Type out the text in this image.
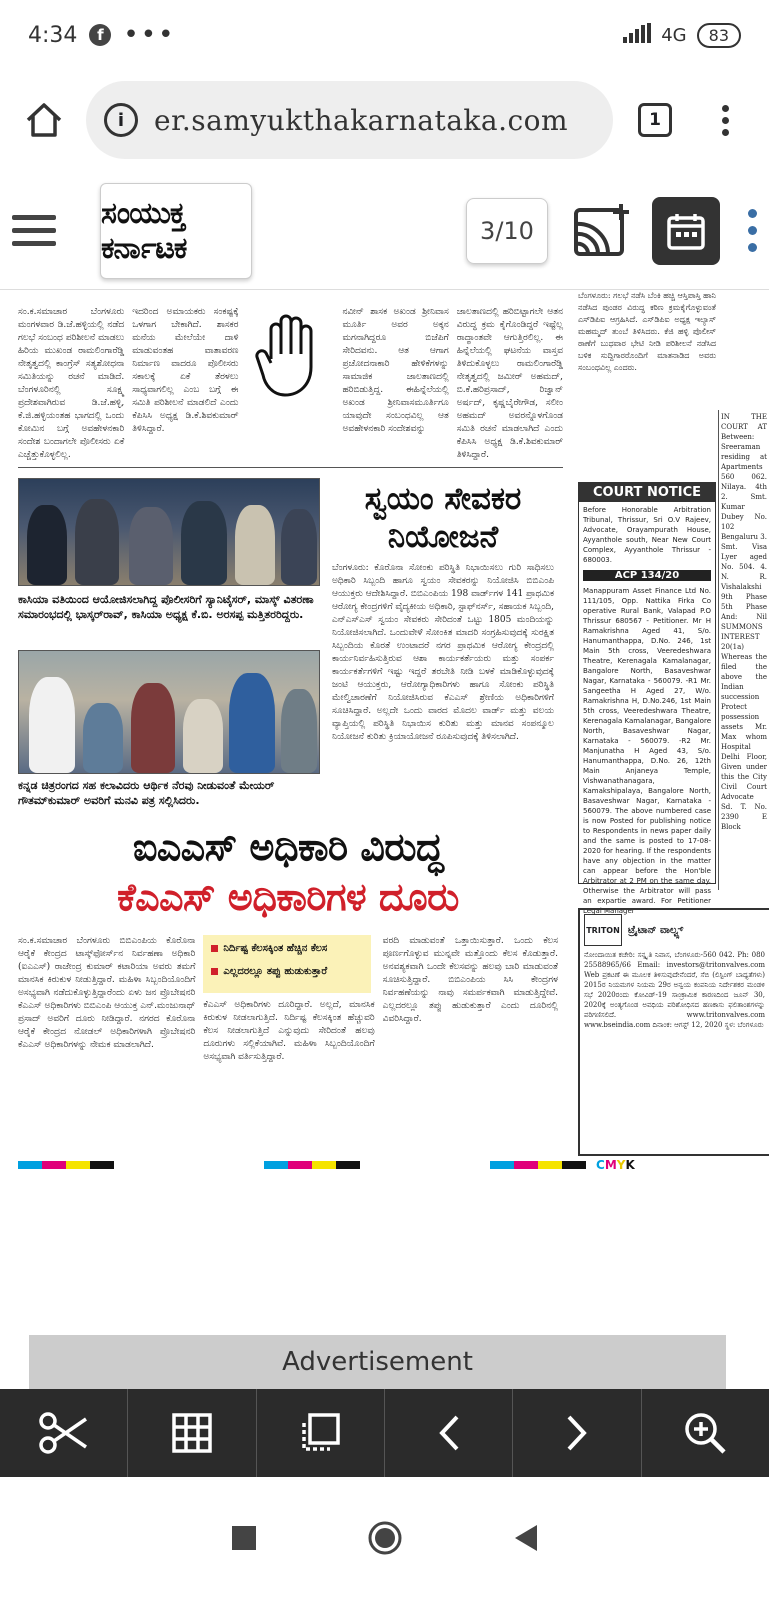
4:34	f •••	4G	83
i	er.samyukthakarnataka.com	1
ಸಂಯುಕ್ತ ಕರ್ನಾಟಕ	3/10
ಸಂ.ಕ.ಸಮಾಚಾರ ಬೆಂಗಳೂರು ಮಂಗಳವಾರ ಡಿ.ಜೆ.ಹಳ್ಳಿಯಲ್ಲಿ ನಡೆದ ಗಲಭೆ ಸಂಬಂಧ ಪರಿಶೀಲನೆ ಮಾಡಲು ಹಿರಿಯ ಮುಖಂಡ ರಾಮಲಿಂಗಾರೆಡ್ಡಿ ನೇತೃತ್ವದಲ್ಲಿ ಕಾಂಗ್ರೆಸ್ ಸತ್ಯಶೋಧನಾ ಸಮಿತಿಯನ್ನು ರಚನೆ ಮಾಡಿದೆ. ಬೆಂಗಳೂರಿನಲ್ಲಿ ಸೂಕ್ಷ್ಮ ಪ್ರದೇಶವಾಗಿರುವ ಡಿ.ಜೆ.ಹಳ್ಳಿ, ಕೆ.ಜಿ.ಹಳ್ಳಿಯಂತಹ ಭಾಗದಲ್ಲಿ ಒಂದು ಕೋಮಿನ ಬಗ್ಗೆ ಅವಹೇಳನಕಾರಿ ಸಂದೇಶ ಬಂದಾಗಲೇ ಪೊಲೀಸರು ಏಕೆ ಎಚ್ಚೆತ್ತುಕೊಳ್ಳಲಿಲ್ಲ.
ಇದರಿಂದ ಅಮಾಯಕರು ಸಂಕಷ್ಟಕ್ಕೆ ಒಳಗಾಗ ಬೇಕಾಗಿದೆ. ಶಾಸಕರ ಮನೆಯ ಮೇಲೆಯೇ ದಾಳಿ ಮಾಡುವಂತಹ ವಾತಾವರಣ ನಿರ್ಮಾಣ ವಾದರೂ ಪೊಲೀಸರು ಸಕಾಲಕ್ಕೆ ಏಕೆ ತೆರಳಲು ಸಾಧ್ಯವಾಗಲಿಲ್ಲ ಎಂಬ ಬಗ್ಗೆ ಈ ಸಮಿತಿ ಪರಿಶೀಲನೆ ಮಾಡಲಿದೆ ಎಂದು ಕೆಪಿಸಿಸಿ ಅಧ್ಯಕ್ಷ ಡಿ.ಕೆ.ಶಿವಕುಮಾರ್ ತಿಳಿಸಿದ್ದಾರೆ.
ನವೀನ್ ಶಾಸಕ ಅಖಂಡ ಶ್ರೀನಿವಾಸ ಮೂರ್ತಿ ಅವರ ಅಕ್ಕನ ಮಗನಾಗಿದ್ದರೂ ಬಿಜೆಪಿಗೆ ಸೇರಿದವನು. ಆತ ಆಗಾಗ ಪ್ರಚೋದನಾಕಾರಿ ಹೇಳಿಕೆಗಳನ್ನು ಸಾಮಾಜಿಕ ಜಾಲತಾಣದಲ್ಲಿ ಹರಿಬಿಡುತ್ತಿದ್ದ. ಈಹಿನ್ನೆಲೆಯಲ್ಲಿ ಅಖಂಡ ಶ್ರೀನಿವಾಸಮೂರ್ತಿಗೂ ಯಾವುದೇ ಸಂಬಂಧವಿಲ್ಲ ಆತ ಅವಹೇಳನಕಾರಿ ಸಂದೇಶವನ್ನು
ಜಾಲತಾಣದಲ್ಲಿ ಹರಿಬಿಟ್ಟಾಗಲೇ ಆತನ ವಿರುದ್ಧ ಕ್ರಮ ಕೈಗೊಂಡಿದ್ದರೆ ಇಷ್ಟೆಲ್ಲ ರಾದ್ಧಾಂತವೇ ಆಗುತ್ತಿರಲಿಲ್ಲ. ಈ ಹಿನ್ನೆಲೆಯಲ್ಲಿ ಘಟನೆಯ ವಾಸ್ತವ ತಿಳಿದುಕೊಳ್ಳಲು ರಾಮಲಿಂಗಾರೆಡ್ಡಿ ನೇತೃತ್ವದಲ್ಲಿ ಜಮೀರ್ ಅಹಮದ್, ಬಿ.ಕೆ.ಹರಿಪ್ರಸಾದ್, ರಿಜ್ವಾನ್ ಅರ್ಷದ್, ಕೃಷ್ಣಬೈರೇಗೌಡ, ಸಲೀಂ ಅಹಮದ್ ಅವರನ್ನೊಳಗೊಂಡ ಸಮಿತಿ ರಚನೆ ಮಾಡಲಾಗಿದೆ ಎಂದು ಕೆಪಿಸಿಸಿ ಅಧ್ಯಕ್ಷ ಡಿ.ಕೆ.ಶಿವಕುಮಾರ್ ತಿಳಿಸಿದ್ದಾರೆ.
ಬೆಂಗಳೂರು: ಗಲಭೆ ನಡೆಸಿ ಬೆಂಕಿ ಹಚ್ಚಿ ಆಸ್ತಿಪಾಸ್ತಿ ಹಾನಿ ನಡೆಸಿದ ಪುಂಡರ ವಿರುದ್ಧ ಕಠಿಣ ಕ್ರಮಕೈಗೊಳ್ಳುವಂತೆ ಎಸ್‌ಡಿಪಿಐ ಆಗ್ರಹಿಸಿದೆ. ಎಸ್‌ಡಿಪಿಐ ಅಧ್ಯಕ್ಷ ಇಲ್ಯಾಸ್ ಮಹಮ್ಮದ್ ತುಂಬೆ ತಿಳಿಸಿದರು. ಕೆಜಿ ಹಳ್ಳಿ ಪೊಲೀಸ್ ಠಾಣೆಗೆ ಬುಧವಾರ ಭೇಟಿ ನೀಡಿ ಪರಿಶೀಲನೆ ನಡೆಸಿದ ಬಳಿಕ ಸುದ್ದಿಗಾರರೊಂದಿಗೆ ಮಾತನಾಡಿದ ಅವರು ಸಂಬಂಧವಿಲ್ಲ ಎಂದರು.
ಕಾಸಿಯಾ ವತಿಯಿಂದ ಆಯೋಜಿಸಲಾಗಿದ್ದ ಪೊಲೀಸರಿಗೆ ಸ್ಯಾನಿಟೈಸರ್, ಮಾಸ್ಕ್ ವಿತರಣಾ ಸಮಾರಂಭದಲ್ಲಿ ಭಾಸ್ಕರ್‌ರಾವ್, ಕಾಸಿಯಾ ಅಧ್ಯಕ್ಷ ಕೆ.ಬಿ. ಅರಸಪ್ಪ ಮತ್ತಿತರರಿದ್ದರು.
ಕನ್ನಡ ಚಿತ್ರರಂಗದ ಸಹ ಕಲಾವಿದರು ಆರ್ಥಿಕ ನೆರವು ನೀಡುವಂತೆ ಮೇಯರ್ ಗೌತಮ್‌ಕುಮಾರ್ ಅವರಿಗೆ ಮನವಿ ಪತ್ರ ಸಲ್ಲಿಸಿದರು.
ಸ್ವಯಂ ಸೇವಕರ
ನಿಯೋಜನೆ
ಬೆಂಗಳೂರು: ಕೊರೊನಾ ಸೋಂಕು ಪರಿಸ್ಥಿತಿ ನಿಭಾಯಿಸಲು ಗುರಿ ಸಾಧಿಸಲು ಅಧಿಕಾರಿ ಸಿಬ್ಬಂದಿ ಹಾಗೂ ಸ್ವಯಂ ಸೇವಕರನ್ನು ನಿಯೋಜಿಸಿ ಬಿಬಿಎಂಪಿ ಆಯುಕ್ತರು ಆದೇಶಿಸಿದ್ದಾರೆ. ಬಿಬಿಎಂಪಿಯ 198 ವಾರ್ಡ್‌ಗಳ 141 ಪ್ರಾಥಮಿಕ ಆರೋಗ್ಯ ಕೇಂದ್ರಗಳಿಗೆ ವೈದ್ಯಕೀಯ ಅಧಿಕಾರಿ, ಸ್ಟಾಫ್‌ನರ್ಸ್, ಸಹಾಯಕ ಸಿಬ್ಬಂದಿ, ಎನ್‌ಎಸ್‌ಎಸ್ ಸ್ವಯಂ ಸೇವಕರು ಸೇರಿದಂತೆ ಒಟ್ಟು 1805 ಮಂದಿಯನ್ನು ನಿಯೋಜಿಸಲಾಗಿದೆ. ಒಂದುವೇಳೆ ಸೋಂಕಿತ ಮಾದರಿ ಸಂಗ್ರಹಿಸುವುದಕ್ಕೆ ಸುರಕ್ಷಿತ ಸಿಬ್ಬಂದಿಯ ಕೊರತೆ ಉಂಟಾದರೆ ನಗರ ಪ್ರಾಥಮಿಕ ಆರೋಗ್ಯ ಕೇಂದ್ರದಲ್ಲಿ ಕಾರ್ಯನಿರ್ವಹಿಸುತ್ತಿರುವ ಆಶಾ ಕಾರ್ಯಕರ್ತೆಯರು ಮತ್ತು ಸಂಪರ್ಕ ಕಾರ್ಯಕರ್ತೆಗಳಿಗೆ ಇಷ್ಟು ಇದ್ದರೆ ತರಬೇತಿ ನೀಡಿ ಬಳಕೆ ಮಾಡಿಕೊಳ್ಳುವುದಕ್ಕೆ ಜಂಟಿ ಆಯುಕ್ತರು, ಆರೋಗ್ಯಾಧಿಕಾರಿಗಳು ಹಾಗೂ ಸೋಂಕು ಪರಿಸ್ಥಿತಿ ಮೇಲ್ವಿಚಾರಣೆಗೆ ನಿಯೋಜಿಸಿರುವ ಕೆಎಎಸ್ ಶ್ರೇಣಿಯ ಅಧಿಕಾರಿಗಳಿಗೆ ಸೂಚಿಸಿದ್ದಾರೆ. ಅಲ್ಲದೇ ಒಂದು ವಾರದ ಮೊದಲ ವಾರ್ಡ್ ಮತ್ತು ವಲಯ ವ್ಯಾಪ್ತಿಯಲ್ಲಿ ಪರಿಸ್ಥಿತಿ ನಿಭಾಯಿಸ ಕುರಿತು ಮತ್ತು ಮಾನವ ಸಂಪನ್ಮೂಲ ನಿಯೋಜನೆ ಕುರಿತು ಕ್ರಿಯಾಯೋಜನೆ ರೂಪಿಸುವುದಕ್ಕೆ ತಿಳಿಸಲಾಗಿದೆ.
ಐಎಎಸ್ ಅಧಿಕಾರಿ ವಿರುದ್ಧ
ಕೆಎಎಸ್ ಅಧಿಕಾರಿಗಳ ದೂರು
ಸಂ.ಕ.ಸಮಾಚಾರ ಬೆಂಗಳೂರು ಬಿಬಿಎಂಪಿಯ ಕೊರೊನಾ ಆರೈಕೆ ಕೇಂದ್ರದ ಟಾಸ್ಕ್‌ಫೋರ್ಸ್‌ನ ನಿರ್ವಹಣಾ ಅಧಿಕಾರಿ (ಐಎಎಸ್) ರಾಜೇಂದ್ರ ಕುಮಾರ್ ಕಟಾರಿಯಾ ಅವರು ತಮಗೆ ಮಾನಸಿಕ ಕಿರುಕುಳ ನೀಡುತ್ತಿದ್ದಾರೆ. ಮಹಿಳಾ ಸಿಬ್ಬಂದಿಯೊಂದಿಗೆ ಅಸಭ್ಯವಾಗಿ ನಡೆದುಕೊಳ್ಳುತ್ತಿದ್ದಾರೆಂದು ಏಳು ಜನ ಪ್ರೊಬೇಷನರಿ ಕೆಎಎಸ್ ಅಧಿಕಾರಿಗಳು ಬಿಬಿಎಂಪಿ ಆಯುಕ್ತ ಎನ್.ಮಂಜುನಾಥ್ ಪ್ರಸಾದ್ ಅವರಿಗೆ ದೂರು ನೀಡಿದ್ದಾರೆ. ನಗರದ ಕೊರೊನಾ ಆರೈಕೆ ಕೇಂದ್ರದ ನೋಡಲ್ ಅಧಿಕಾರಿಗಳಾಗಿ ಪ್ರೊಬೇಷನರಿ ಕೆಎಎಸ್ ಅಧಿಕಾರಿಗಳನ್ನು ನೇಮಕ ಮಾಡಲಾಗಿದೆ.
ನಿರ್ದಿಷ್ಟ ಕೆಲಸಕ್ಕಿಂತ ಹೆಚ್ಚಿನ ಕೆಲಸ
ಎಲ್ಲದರಲ್ಲೂ ತಪ್ಪು ಹುಡುಕುತ್ತಾರೆ
ಕೆಎಎಸ್ ಅಧಿಕಾರಿಗಳು ದೂರಿದ್ದಾರೆ. ಅಲ್ಲದೆ, ಮಾನಸಿಕ ಕಿರುಕುಳ ನೀಡಲಾಗುತ್ತಿದೆ. ನಿರ್ದಿಷ್ಟ ಕೆಲಸಕ್ಕಿಂತ ಹೆಚ್ಚುವರಿ ಕೆಲಸ ನೀಡಲಾಗುತ್ತಿದೆ ಎನ್ನುವುದು ಸೇರಿದಂತೆ ಹಲವು ದೂರುಗಳು ಸಲ್ಲಿಕೆಯಾಗಿವೆ. ಮಹಿಳಾ ಸಿಬ್ಬಂದಿಯೊಂದಿಗೆ ಅಸಭ್ಯವಾಗಿ ವರ್ತಿಸುತ್ತಿದ್ದಾರೆ.
ವರದಿ ಮಾಡುವಂತೆ ಒತ್ತಾಯಿಸುತ್ತಾರೆ. ಒಂದು ಕೆಲಸ ಪೂರ್ಣಗೊಳ್ಳುವ ಮುನ್ನವೇ ಮತ್ತೊಂದು ಕೆಲಸ ಕೊಡುತ್ತಾರೆ. ಅನವಶ್ಯಕವಾಗಿ ಒಂದೇ ಕೆಲಸವನ್ನು ಹಲವು ಬಾರಿ ಮಾಡುವಂತೆ ಸೂಚಿಸುತ್ತಿದ್ದಾರೆ. ಬಿಬಿಎಂಪಿಯ ಸಿಸಿ ಕೇಂದ್ರಗಳ ನಿರ್ವಹಣೆಯನ್ನು ನಾವು ಸಮರ್ಪಕವಾಗಿ ಮಾಡುತ್ತಿದ್ದೇವೆ. ಎಲ್ಲದರಲ್ಲೂ ತಪ್ಪು ಹುಡುಕುತ್ತಾರೆ ಎಂದು ದೂರಿನಲ್ಲಿ ವಿವರಿಸಿದ್ದಾರೆ.
COURT NOTICE
Before Honorable Arbitration Tribunal, Thrissur, Sri O.V Rajeev, Advocate, Orayampurath House, Ayyanthole south, Near New Court Complex, Ayyanthole Thrissur - 680003.
ACP 134/20
Manappuram Asset Finance Ltd No. 111/105, Opp. Nattika Firka Co operative Rural Bank, Valapad P.O Thrissur 680567 - Petitioner. Mr H Ramakrishna Aged 41, S/o. Hanumanthappa, D.No. 246, 1st Main 5th cross, Veeredeshwara Theatre, Kerenagala Kamalanagar, Bangalore North, Basaveshwar Nagar, Karnataka - 560079. -R1 Mr. Sangeetha H Aged 27, W/o. Ramakrishna H, D.No.246, 1st Main 5th cross, Veeredeshwara Theatre, Kerenagala Kamalanagar, Bangalore North, Basaveshwar Nagar, Karnataka - 560079. -R2 Mr. Manjunatha H Aged 43, S/o. Hanumanthappa, D.No. 26, 12th Main Anjaneya Temple, Vishwanathanagara, Kamakshipalaya, Bangalore North, Basaveshwar Nagar, Karnataka - 560079. The above numbered case is now Posted for publishing notice to Respondents in news paper daily and the same is posted to 17-08-2020 for hearing. If the respondents have any objection in the matter can appear before the Hon'ble Arbitrator at 2 PM on the same day. Otherwise the Arbitrator will pass an expartie award. For Petitioner Legal Manager
IN THE COURT AT Between: Sreeraman residing at Apartments 560 062. Nilaya. 4th 2. Smt. Kumar Dubey No. 102 Bengaluru 3. Smt. Visa Lyer aged No. 504. 4. N. R. Vishalakshi 9th Phase 5th Phase And: Nil SUMMONS INTEREST 20(1a) Whereas the filed the above the Indian succession Protect possession assets Mr. Max whom Hospital Delhi Floor, Given under this the City Civil Court Advocate Sd. T. No. 2390 E Block
TRITON ಟ್ರೈಟಾನ್ ವಾಲ್ವ್ಸ್
ನೋಂದಾಯಿತ ಕಚೇರಿ: ಸನ್ಸ್ಕೃತಿ ನಿವಾಸ, ಬೆಂಗಳೂರು-560 042. Ph: 080 25588965/66 Email: investors@tritonvalves.com Web ಪ್ರಕಟಣೆ ಈ ಮೂಲಕ ತಿಳಿಸುವುದೇನೆಂದರೆ, ಸೆಬಿ (ಲಿಸ್ಟಿಂಗ್ ಬಾಧ್ಯತೆಗಳು) 2015ರ ನಿಯಮಗಳ ನಿಯಮ 29ರ ಅನ್ವಯ ಕಂಪನಿಯ ನಿರ್ದೇಶಕರ ಮಂಡಳಿ ಸಭೆ 2020ರಂದು ಕೋವಿಡ್-19 ಸಾಂಕ್ರಾಮಿಕ ಕಾರಣದಿಂದ ಜೂನ್ 30, 2020ಕ್ಕೆ ಅಂತ್ಯಗೊಂಡ ಅವಧಿಯ ಪರಿಶೋಧಿಸದ ಹಣಕಾಸು ಫಲಿತಾಂಶಗಳನ್ನು ಪರಿಗಣಿಸಲಿದೆ. www.tritonvalves.com www.bseindia.com ದಿನಾಂಕ: ಆಗಸ್ಟ್ 12, 2020 ಸ್ಥಳ: ಬೆಂಗಳೂರು
CMYK
Advertisement
